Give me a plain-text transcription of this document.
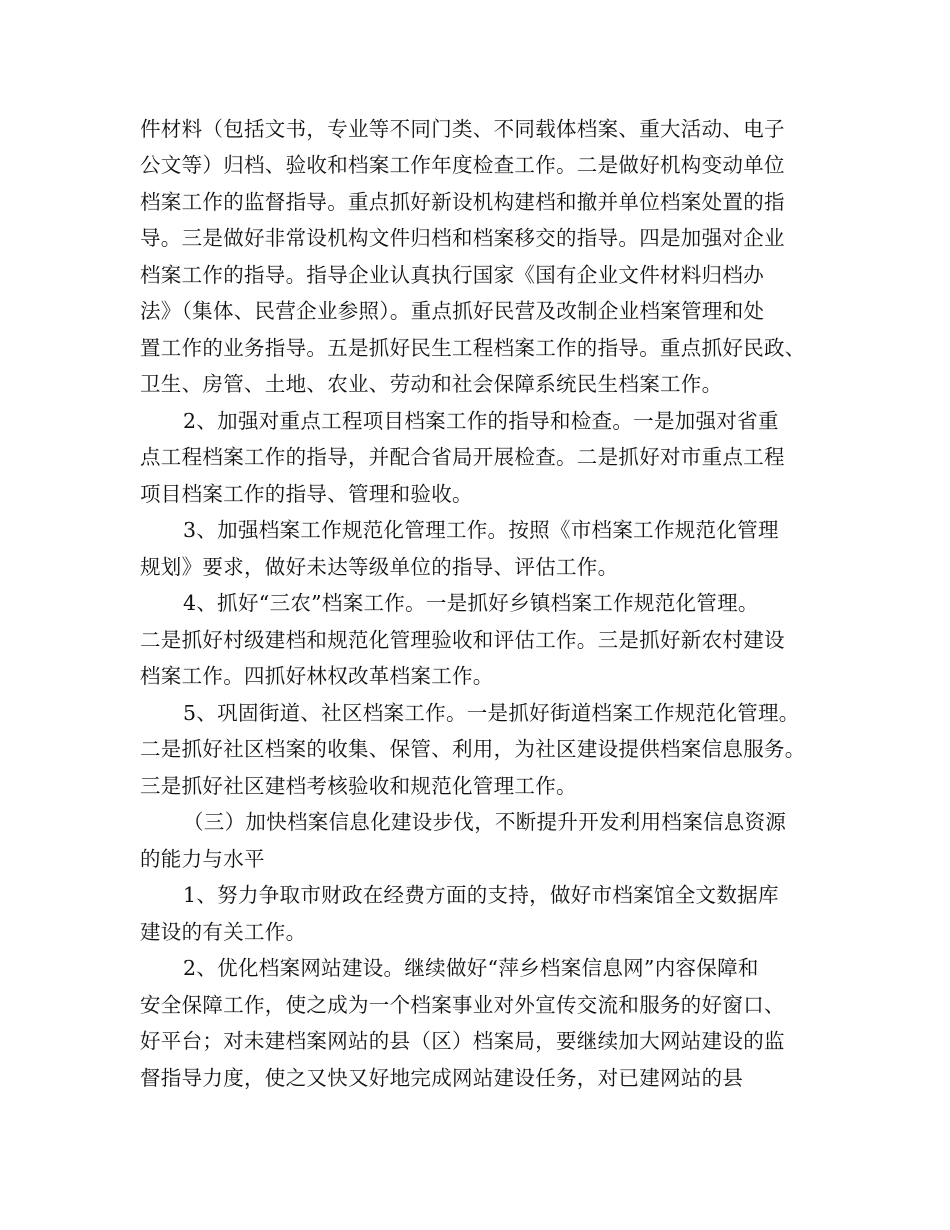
件材料（包括文书，专业等不同门类、不同载体档案、重大活动、电子
公文等）归档、验收和档案工作年度检查工作。二是做好机构变动单位
档案工作的监督指导。重点抓好新设机构建档和撤并单位档案处置的指
导。三是做好非常设机构文件归档和档案移交的指导。四是加强对企业
档案工作的指导。指导企业认真执行国家《国有企业文件材料归档办
法》（集体、民营企业参照）。重点抓好民营及改制企业档案管理和处
置工作的业务指导。五是抓好民生工程档案工作的指导。重点抓好民政、
卫生、房管、土地、农业、劳动和社会保障系统民生档案工作。
2、加强对重点工程项目档案工作的指导和检查。一是加强对省重
点工程档案工作的指导，并配合省局开展检查。二是抓好对市重点工程
项目档案工作的指导、管理和验收。
3、加强档案工作规范化管理工作。按照《市档案工作规范化管理
规划》要求，做好未达等级单位的指导、评估工作。
4、抓好“三农”档案工作。一是抓好乡镇档案工作规范化管理。
二是抓好村级建档和规范化管理验收和评估工作。三是抓好新农村建设
档案工作。四抓好林权改革档案工作。
5、巩固街道、社区档案工作。一是抓好街道档案工作规范化管理。
二是抓好社区档案的收集、保管、利用，为社区建设提供档案信息服务。
三是抓好社区建档考核验收和规范化管理工作。
（三）加快档案信息化建设步伐，不断提升开发利用档案信息资源
的能力与水平
1、努力争取市财政在经费方面的支持，做好市档案馆全文数据库
建设的有关工作。
2、优化档案网站建设。继续做好“萍乡档案信息网”内容保障和
安全保障工作，使之成为一个档案事业对外宣传交流和服务的好窗口、
好平台；对未建档案网站的县（区）档案局，要继续加大网站建设的监
督指导力度，使之又快又好地完成网站建设任务，对已建网站的县
